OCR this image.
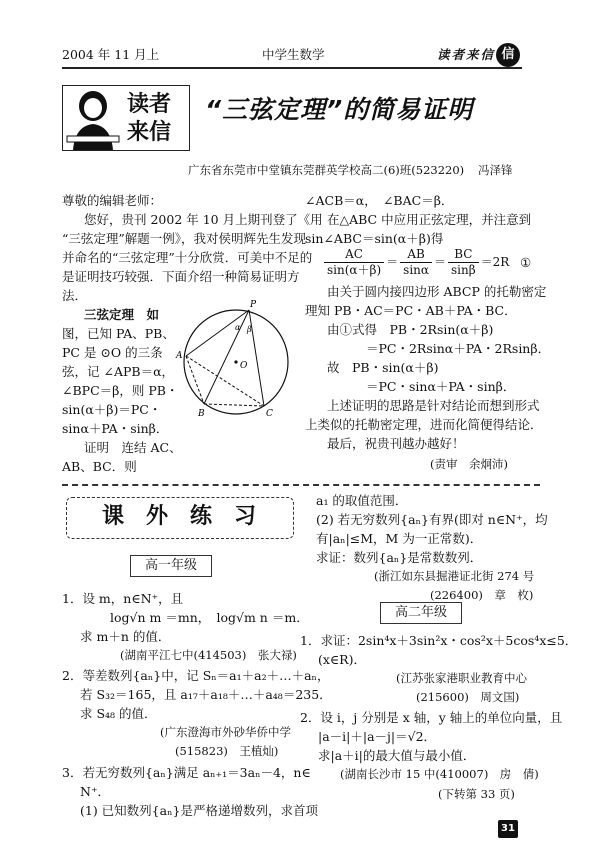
2004 年 11 月上	中学生数学	读者来信 信
读者
来信
“三弦定理”的简易证明
广东省东莞市中堂镇东莞群英学校高二(6)班(523220) 冯泽锋
尊敬的编辑老师：
您好，贵刊 2002 年 10 月上期刊登了《用
“三弦定理”解题一例》，我对侯明辉先生发现
并命名的“三弦定理”十分欣赏．可美中不足的
是证明技巧较强．下面介绍一种简易证明方
法．
三弦定理　如
图，已知 PA、PB、
PC 是 ⊙O 的三条
弦，记 ∠APB＝α，
∠BPC＝β，则 PB・
sin(α＋β)＝PC・
sinα＋PA・sinβ．
证明　连结 AC、
AB、BC．则
P
A
B	C
O
α β
∠ACB＝α，　∠BAC＝β．
在△ABC 中应用正弦定理，并注意到
sin∠ABC＝sin(α＋β)得
$\frac{AC}{\sin(\alpha+\beta)} = \frac{AB}{\sin\alpha} = \frac{BC}{\sin\beta} =2R$ ①
由关于圆内接四边形 ABCP 的托勒密定
理知 PB・AC＝PC・AB＋PA・BC．
由①式得　PB・2Rsin(α＋β)
＝PC・2Rsinα＋PA・2Rsinβ．
故　PB・sin(α＋β)
＝PC・sinα＋PA・sinβ．
上述证明的思路是针对结论而想到形式
上类似的托勒密定理，进而化简便得结论．
最后，祝贵刊越办越好！
(责审　余炯沛)
课　外　练　习
高一年级
1．设 m，n∈N⁺，且
log√n m ＝mn，　log√m n ＝m．
求 m＋n 的值．
(湖南平江七中(414503)　张大禄)
2．等差数列{aₙ}中，记 Sₙ＝a₁＋a₂＋…＋aₙ，
若 S₃₂＝165，且 a₁₇＋a₁₈＋…＋a₄₈＝235．
求 S₄₈ 的值．
(广东澄海市外砂华侨中学
(515823)　王植灿)
3．若无穷数列{aₙ}满足 aₙ₊₁＝3aₙ－4，n∈
N⁺．
(1) 已知数列{aₙ}是严格递增数列，求首项
a₁ 的取值范围．
(2) 若无穷数列{aₙ}有界(即对 n∈N⁺，均
有|aₙ|≤M，M 为一正常数)．
求证：数列{aₙ}是常数数列．
(浙江如东县掘港证北街 274 号
(226400)　章　枚)
高二年级
1．求证：2sin⁴x＋3sin²x・cos²x＋5cos⁴x≤5．
(x∈R)．
(江苏张家港职业教育中心
(215600)　周文国)
2．设 i，j 分别是 x 轴，y 轴上的单位向量，且
|a－i|＋|a－j|＝√2．
求|a＋i|的最大值与最小值．
(湖南长沙市 15 中(410007)　房　倩)
(下转第 33 页)
31
